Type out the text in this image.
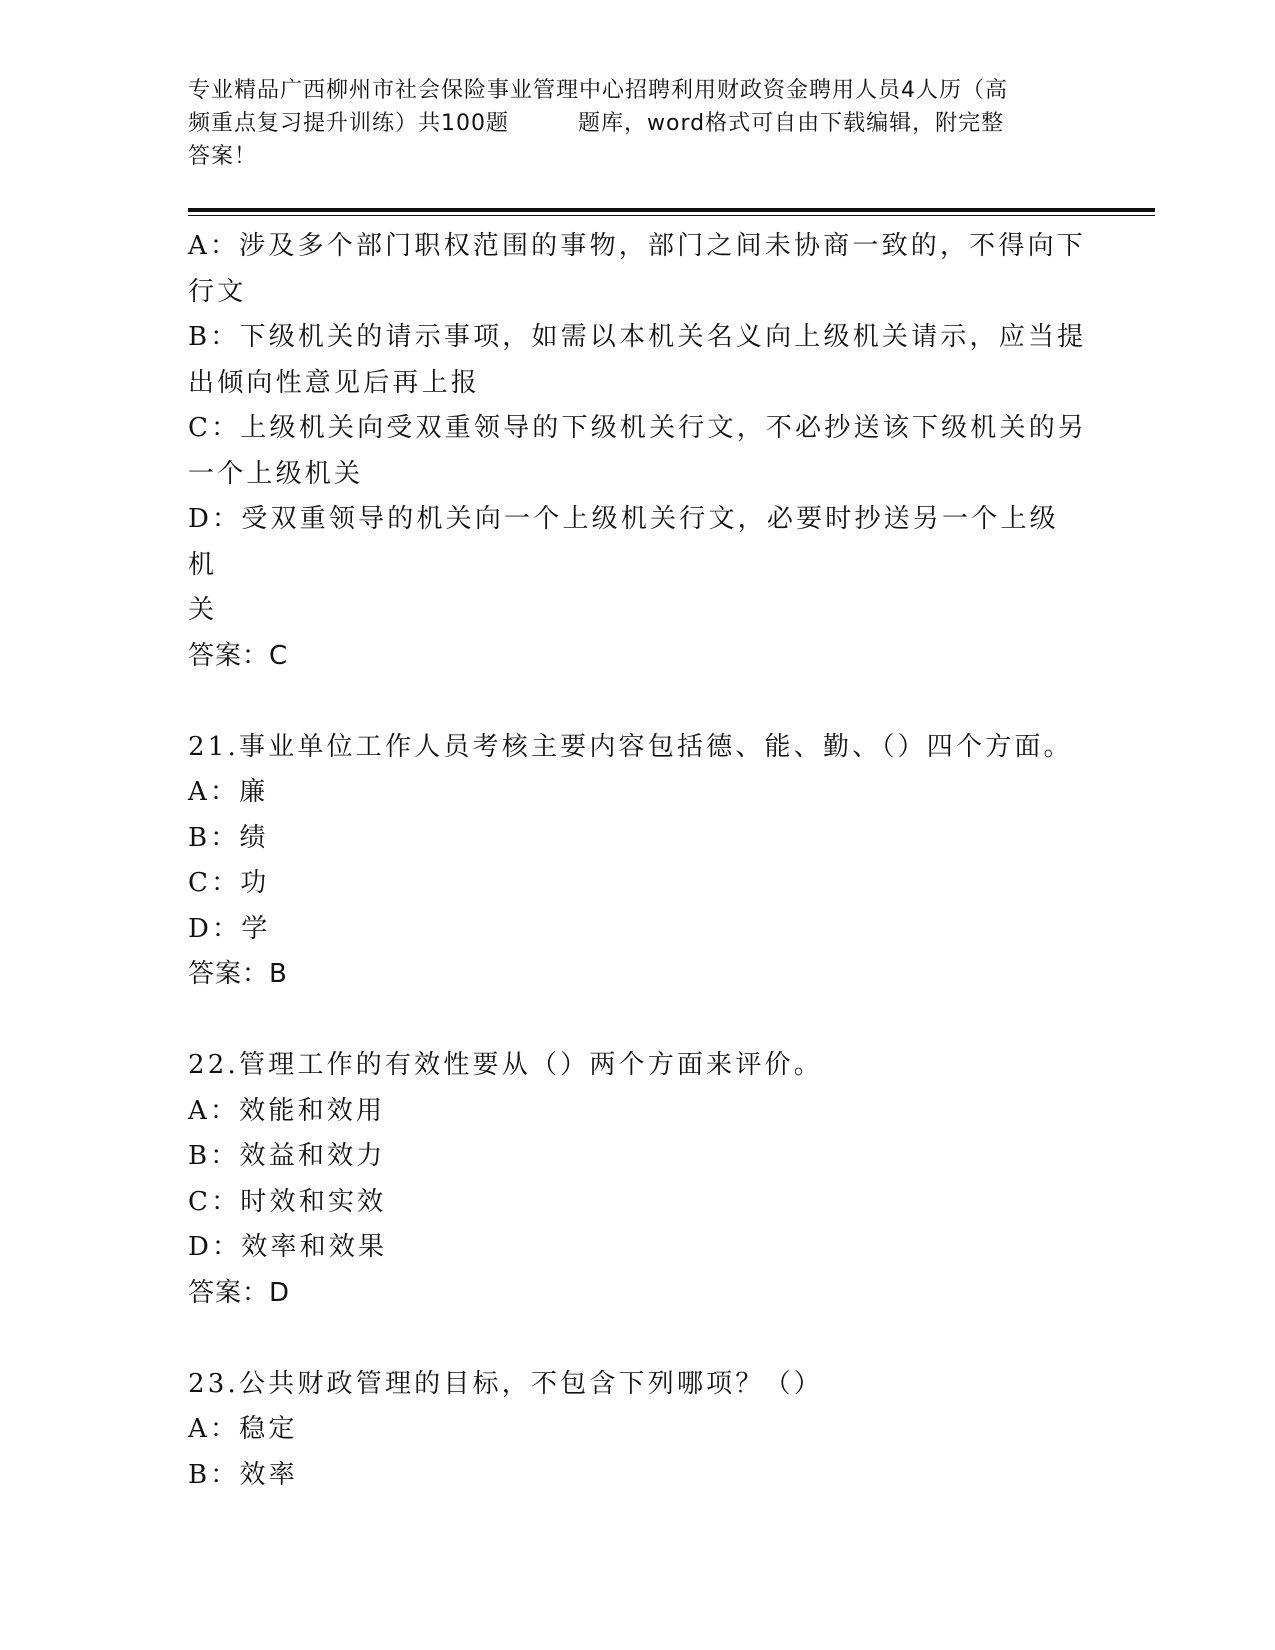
专业精品广西柳州市社会保险事业管理中心招聘利用财政资金聘用人员4人历（高

频重点复习提升训练）共100题　　　题库，word格式可自由下载编辑，附完整

答案！

A：涉及多个部门职权范围的事物，部门之间未协商一致的，不得向下

行文

B：下级机关的请示事项，如需以本机关名义向上级机关请示，应当提

出倾向性意见后再上报

C：上级机关向受双重领导的下级机关行文，不必抄送该下级机关的另

一个上级机关

D：受双重领导的机关向一个上级机关行文，必要时抄送另一个上级机

关

答案：C

21.事业单位工作人员考核主要内容包括德、能、勤、（）四个方面。

A：廉

B：绩

C：功

D：学

答案：B

22.管理工作的有效性要从（）两个方面来评价。

A：效能和效用

B：效益和效力

C：时效和实效

D：效率和效果

答案：D

23.公共财政管理的目标，不包含下列哪项？（）

A：稳定

B：效率
